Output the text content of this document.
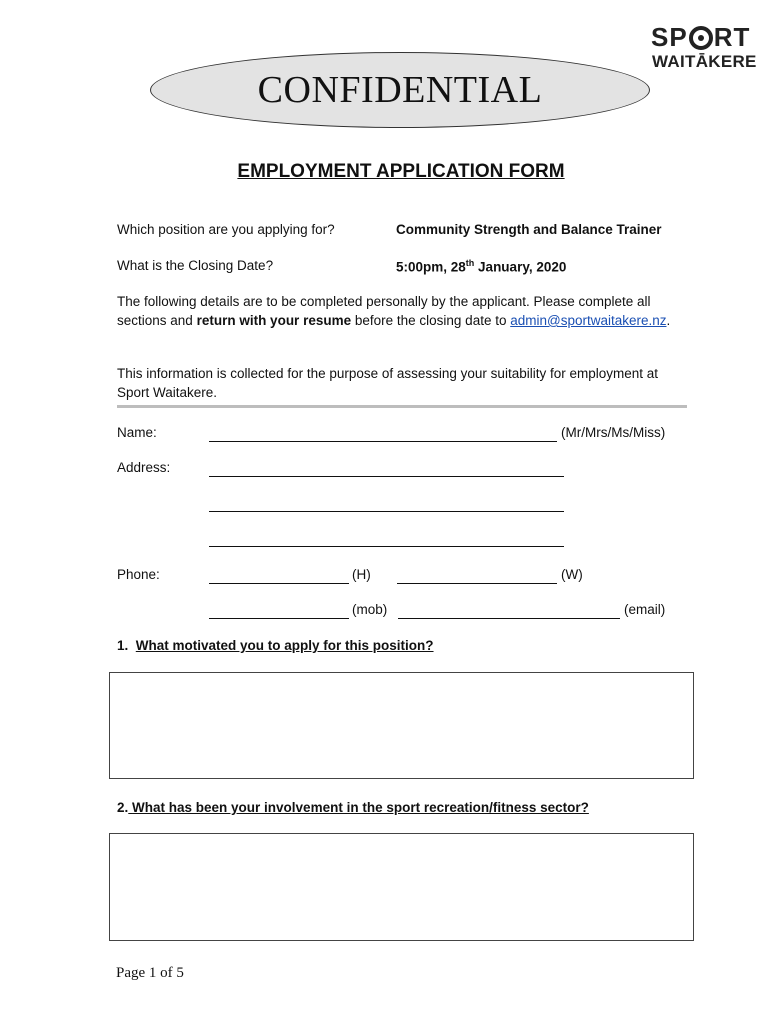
SP RT
WAITĀKERE
CONFIDENTIAL
EMPLOYMENT APPLICATION FORM
Which position are you applying for?	Community Strength and Balance Trainer
What is the Closing Date?	5:00pm, 28th January, 2020
The following details are to be completed personally by the applicant. Please complete all sections and return with your resume before the closing date to admin@sportwaitakere.nz.
This information is collected for the purpose of assessing your suitability for employment at Sport Waitakere.
Name:	(Mr/Mrs/Ms/Miss)
Address:
Phone:	(H)	(W)
(mob)	(email)
1. What motivated you to apply for this position?
2. What has been your involvement in the sport recreation/fitness sector?
Page 1 of 5
